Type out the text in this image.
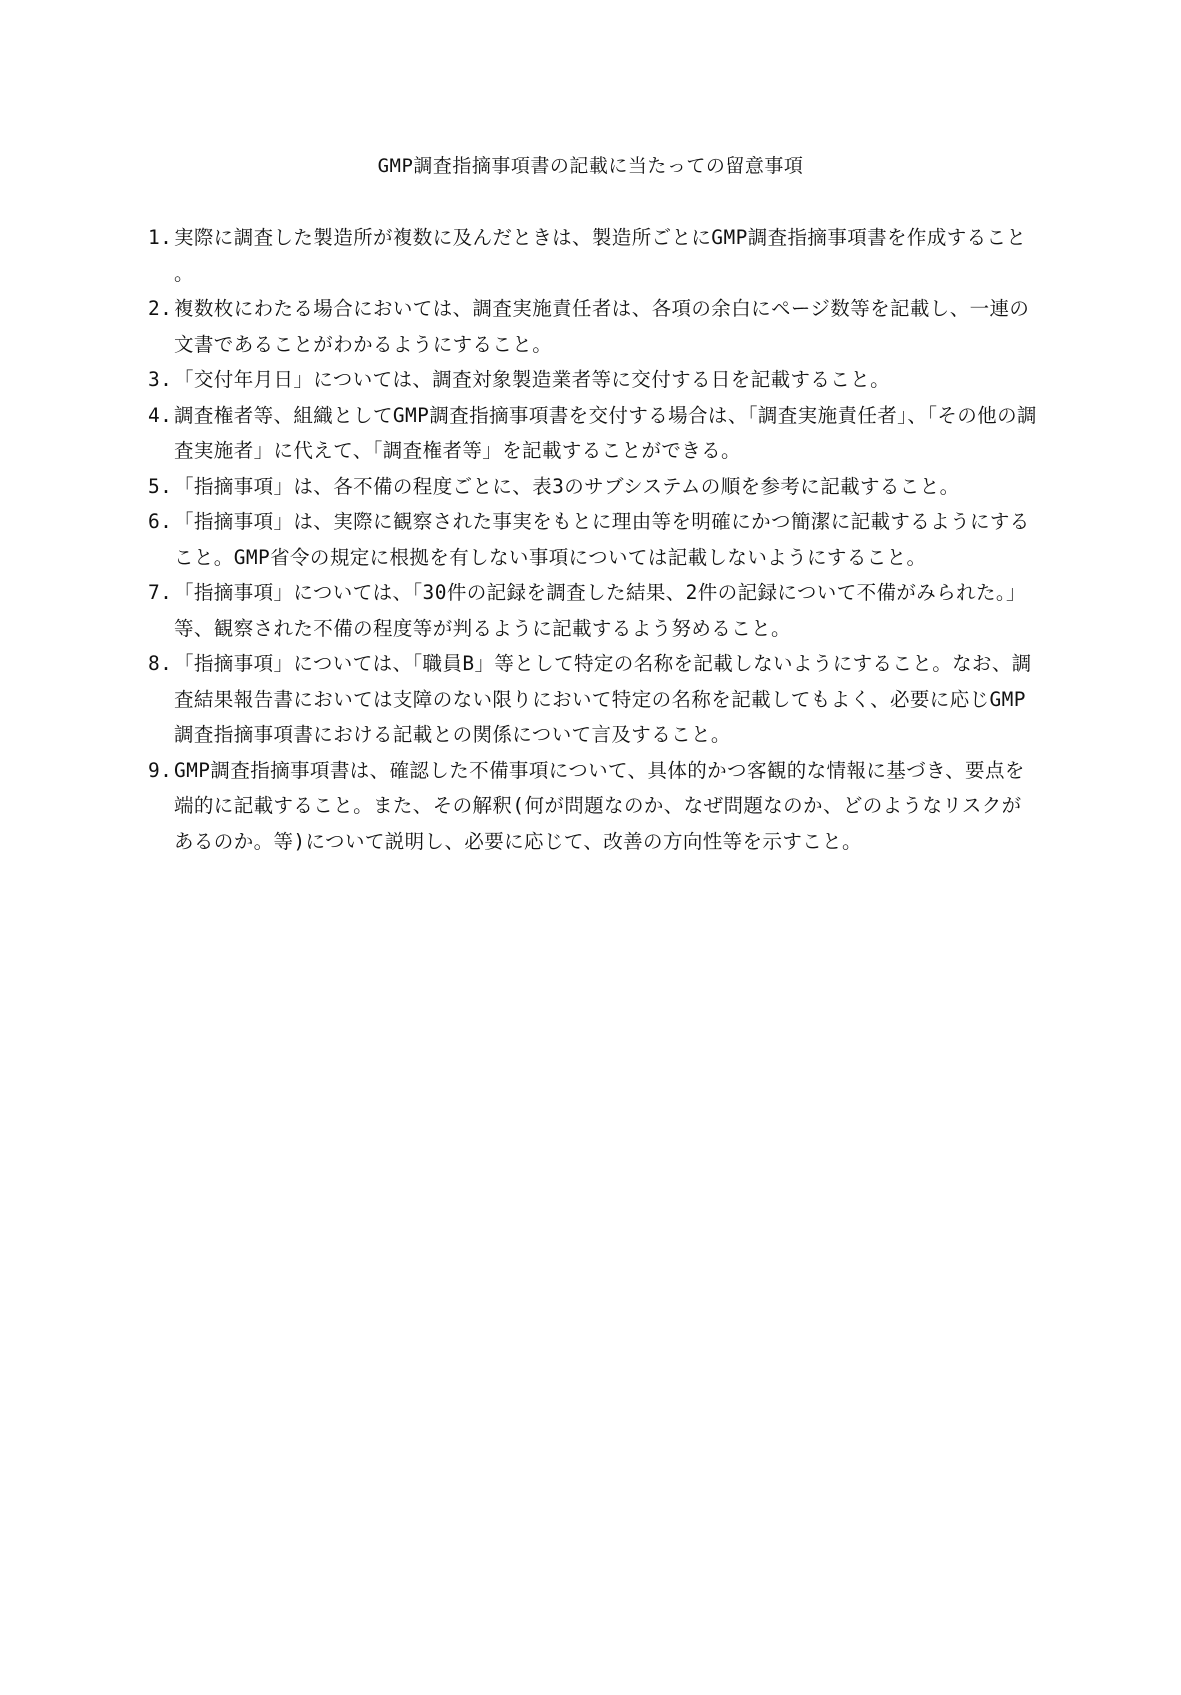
GMP調査指摘事項書の記載に当たっての留意事項
1. 実際に調査した製造所が複数に及んだときは、製造所ごとにGMP調査指摘事項書を作成すること。
2. 複数枚にわたる場合においては、調査実施責任者は、各項の余白にページ数等を記載し、一連の文書であることがわかるようにすること。
3. 「交付年月日」については、調査対象製造業者等に交付する日を記載すること。
4. 調査権者等、組織としてGMP調査指摘事項書を交付する場合は、「調査実施責任者」、「その他の調査実施者」に代えて、「調査権者等」を記載することができる。
5. 「指摘事項」は、各不備の程度ごとに、表3のサブシステムの順を参考に記載すること。
6. 「指摘事項」は、実際に観察された事実をもとに理由等を明確にかつ簡潔に記載するようにすること。GMP省令の規定に根拠を有しない事項については記載しないようにすること。
7. 「指摘事項」については、「30件の記録を調査した結果、2件の記録について不備がみられた。」等、観察された不備の程度等が判るように記載するよう努めること。
8. 「指摘事項」については、「職員B」等として特定の名称を記載しないようにすること。なお、調査結果報告書においては支障のない限りにおいて特定の名称を記載してもよく、必要に応じGMP調査指摘事項書における記載との関係について言及すること。
9. GMP調査指摘事項書は、確認した不備事項について、具体的かつ客観的な情報に基づき、要点を端的に記載すること。また、その解釈(何が問題なのか、なぜ問題なのか、どのようなリスクがあるのか。等)について説明し、必要に応じて、改善の方向性等を示すこと。
